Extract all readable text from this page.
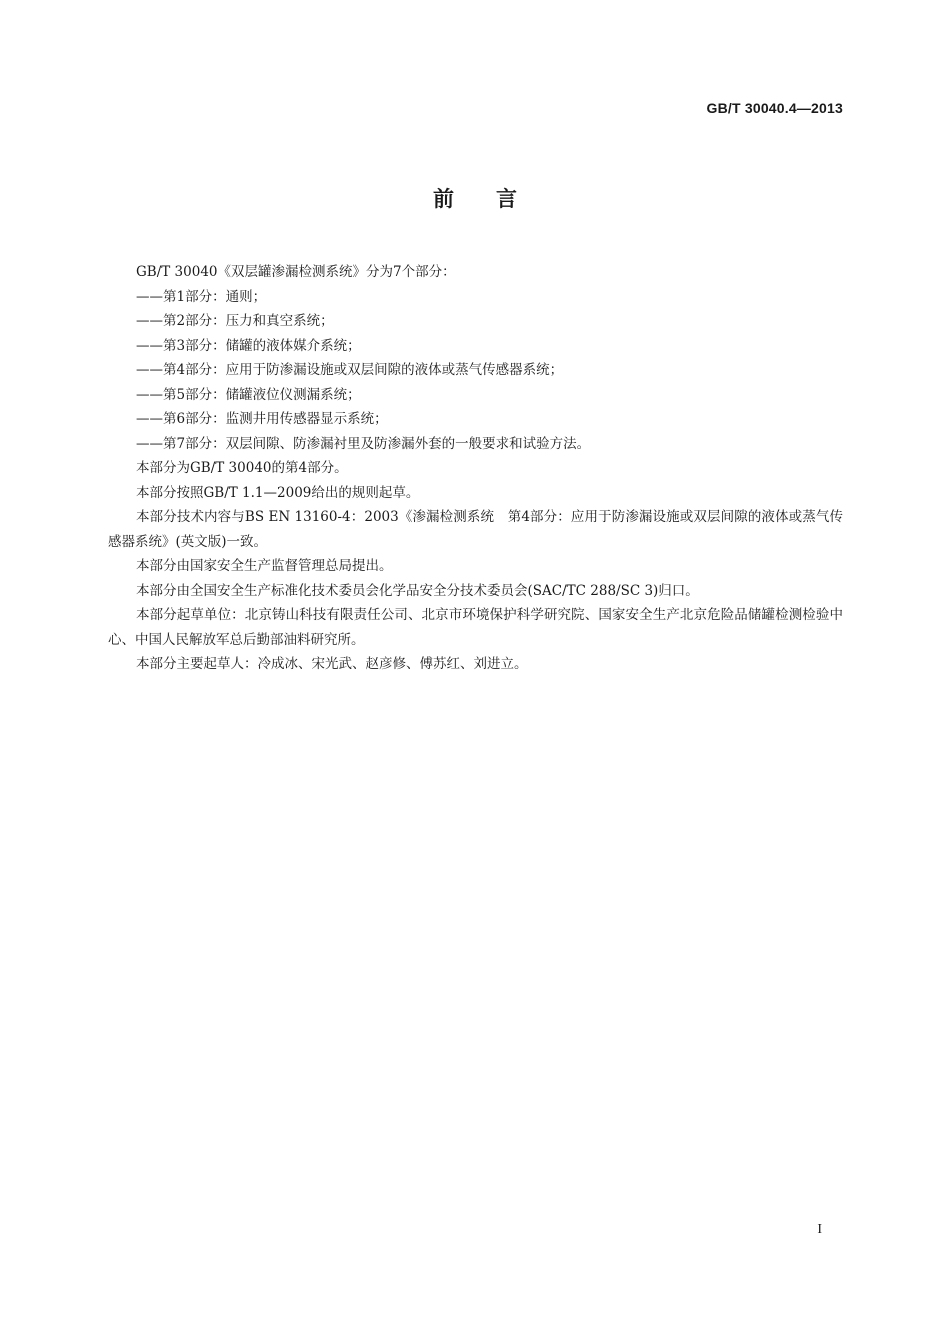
GB/T 30040.4—2013
前言

GB/T 30040《双层罐渗漏检测系统》分为7个部分：

——第1部分：通则；
——第2部分：压力和真空系统；
——第3部分：储罐的液体媒介系统；
——第4部分：应用于防渗漏设施或双层间隙的液体或蒸气传感器系统；
——第5部分：储罐液位仪测漏系统；
——第6部分：监测井用传感器显示系统；
——第7部分：双层间隙、防渗漏衬里及防渗漏外套的一般要求和试验方法。

本部分为GB/T 30040的第4部分。

本部分按照GB/T 1.1—2009给出的规则起草。

本部分技术内容与BS EN 13160-4：2003《渗漏检测系统　第4部分：应用于防渗漏设施或双层间隙的液体或蒸气传感器系统》(英文版)一致。

本部分由国家安全生产监督管理总局提出。

本部分由全国安全生产标准化技术委员会化学品安全分技术委员会(SAC/TC 288/SC 3)归口。

本部分起草单位：北京铸山科技有限责任公司、北京市环境保护科学研究院、国家安全生产北京危险品储罐检测检验中心、中国人民解放军总后勤部油料研究所。

本部分主要起草人：冷成冰、宋光武、赵彦修、傅苏红、刘进立。

I
